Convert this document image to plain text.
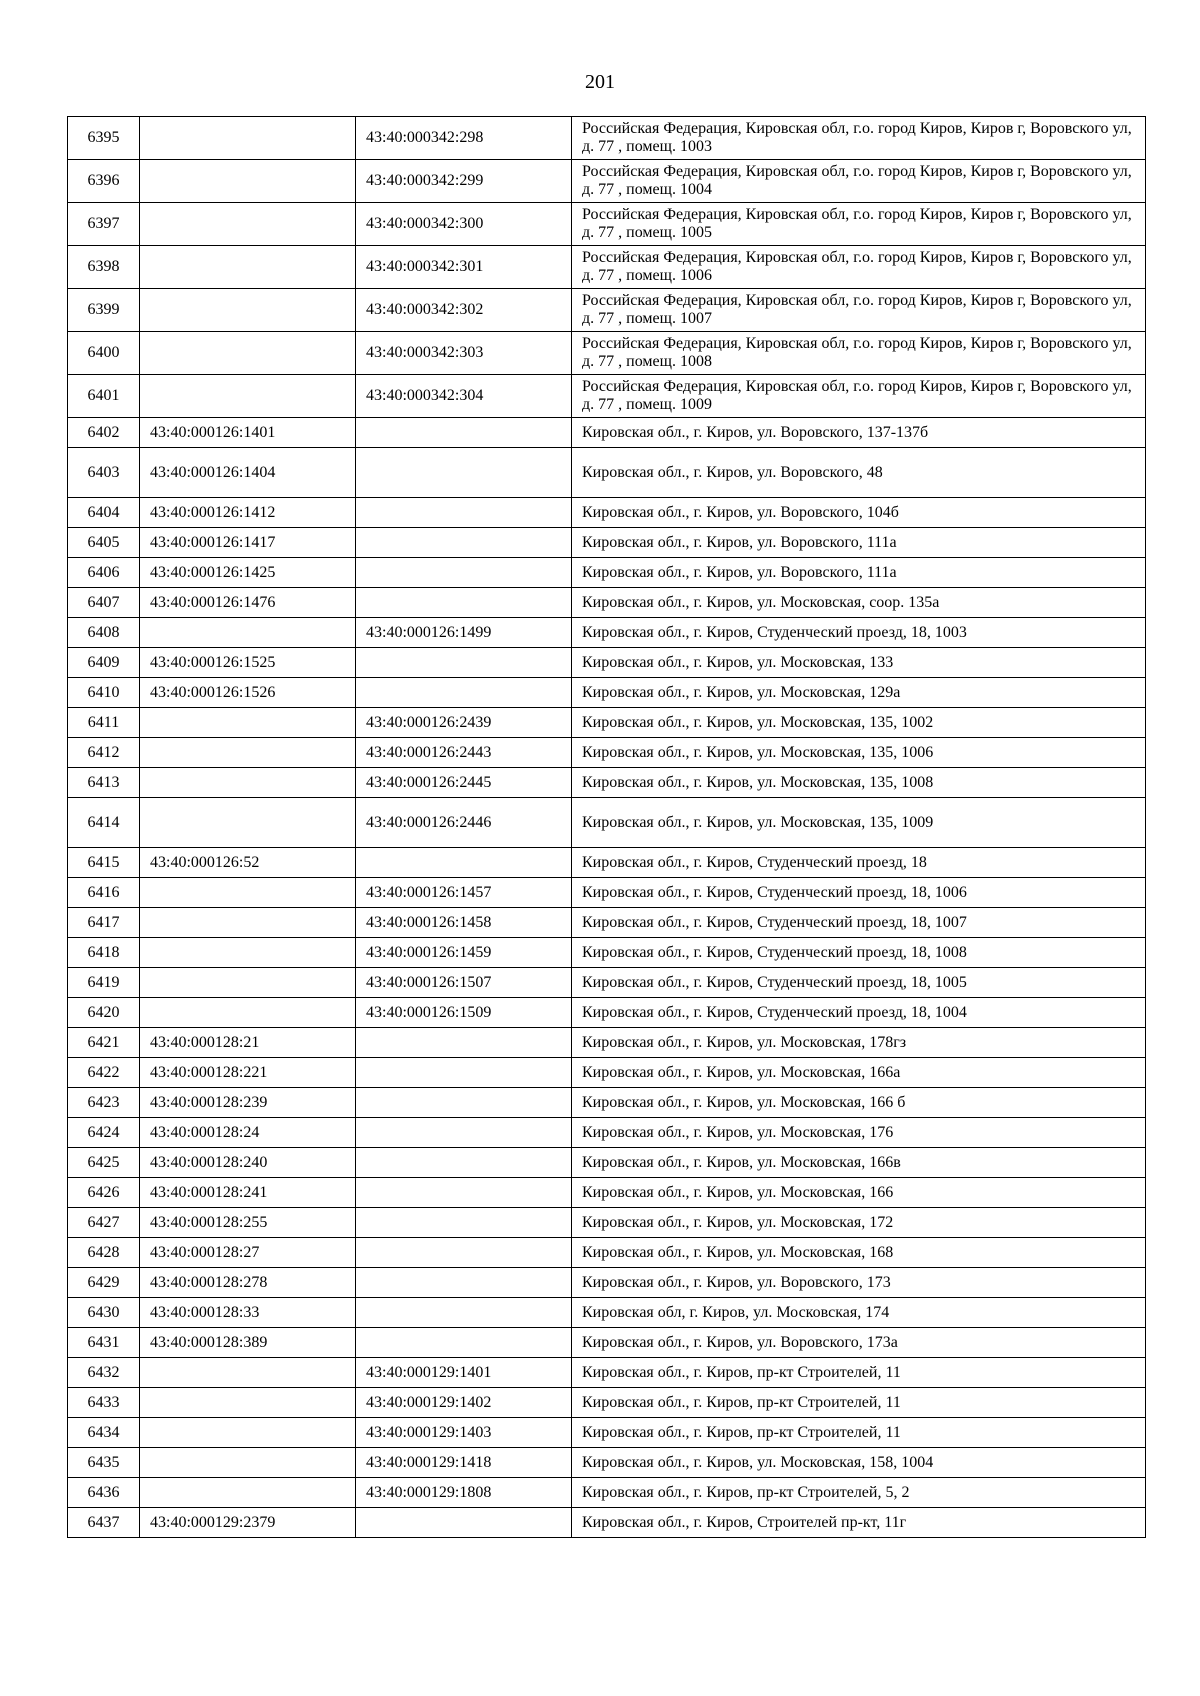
201
6395		43:40:000342:298	Российская Федерация, Кировская обл, г.о. город Киров, Киров г, Воровского ул, д. 77 , помещ. 1003
6396		43:40:000342:299	Российская Федерация, Кировская обл, г.о. город Киров, Киров г, Воровского ул, д. 77 , помещ. 1004
6397		43:40:000342:300	Российская Федерация, Кировская обл, г.о. город Киров, Киров г, Воровского ул, д. 77 , помещ. 1005
6398		43:40:000342:301	Российская Федерация, Кировская обл, г.о. город Киров, Киров г, Воровского ул, д. 77 , помещ. 1006
6399		43:40:000342:302	Российская Федерация, Кировская обл, г.о. город Киров, Киров г, Воровского ул, д. 77 , помещ. 1007
6400		43:40:000342:303	Российская Федерация, Кировская обл, г.о. город Киров, Киров г, Воровского ул, д. 77 , помещ. 1008
6401		43:40:000342:304	Российская Федерация, Кировская обл, г.о. город Киров, Киров г, Воровского ул, д. 77 , помещ. 1009
6402	43:40:000126:1401		Кировская обл., г. Киров, ул. Воровского, 137-137б
6403	43:40:000126:1404		Кировская обл., г. Киров, ул. Воровского, 48
6404	43:40:000126:1412		Кировская обл., г. Киров, ул. Воровского, 104б
6405	43:40:000126:1417		Кировская обл., г. Киров, ул. Воровского, 111а
6406	43:40:000126:1425		Кировская обл., г. Киров, ул. Воровского, 111а
6407	43:40:000126:1476		Кировская обл., г. Киров, ул. Московская, соор. 135а
6408		43:40:000126:1499	Кировская обл., г. Киров, Студенческий проезд, 18, 1003
6409	43:40:000126:1525		Кировская обл., г. Киров, ул. Московская, 133
6410	43:40:000126:1526		Кировская обл., г. Киров, ул. Московская, 129а
6411		43:40:000126:2439	Кировская обл., г. Киров, ул. Московская, 135, 1002
6412		43:40:000126:2443	Кировская обл., г. Киров, ул. Московская, 135, 1006
6413		43:40:000126:2445	Кировская обл., г. Киров, ул. Московская, 135, 1008
6414		43:40:000126:2446	Кировская обл., г. Киров, ул. Московская, 135, 1009
6415	43:40:000126:52		Кировская обл., г. Киров, Студенческий проезд, 18
6416		43:40:000126:1457	Кировская обл., г. Киров, Студенческий проезд, 18, 1006
6417		43:40:000126:1458	Кировская обл., г. Киров, Студенческий проезд, 18, 1007
6418		43:40:000126:1459	Кировская обл., г. Киров, Студенческий проезд, 18, 1008
6419		43:40:000126:1507	Кировская обл., г. Киров, Студенческий проезд, 18, 1005
6420		43:40:000126:1509	Кировская обл., г. Киров, Студенческий проезд, 18, 1004
6421	43:40:000128:21		Кировская обл., г. Киров, ул. Московская, 178гз
6422	43:40:000128:221		Кировская обл., г. Киров, ул. Московская, 166а
6423	43:40:000128:239		Кировская обл., г. Киров, ул. Московская, 166 б
6424	43:40:000128:24		Кировская обл., г. Киров, ул. Московская, 176
6425	43:40:000128:240		Кировская обл., г. Киров, ул. Московская, 166в
6426	43:40:000128:241		Кировская обл., г. Киров, ул. Московская, 166
6427	43:40:000128:255		Кировская обл., г. Киров, ул. Московская, 172
6428	43:40:000128:27		Кировская обл., г. Киров, ул. Московская, 168
6429	43:40:000128:278		Кировская обл., г. Киров, ул. Воровского, 173
6430	43:40:000128:33		Кировская обл, г. Киров, ул. Московская, 174
6431	43:40:000128:389		Кировская обл., г. Киров, ул. Воровского, 173а
6432		43:40:000129:1401	Кировская обл., г. Киров, пр-кт Строителей, 11
6433		43:40:000129:1402	Кировская обл., г. Киров, пр-кт Строителей, 11
6434		43:40:000129:1403	Кировская обл., г. Киров, пр-кт Строителей, 11
6435		43:40:000129:1418	Кировская обл., г. Киров, ул. Московская, 158, 1004
6436		43:40:000129:1808	Кировская обл., г. Киров, пр-кт Строителей, 5, 2
6437	43:40:000129:2379		Кировская обл., г. Киров, Строителей пр-кт, 11г
